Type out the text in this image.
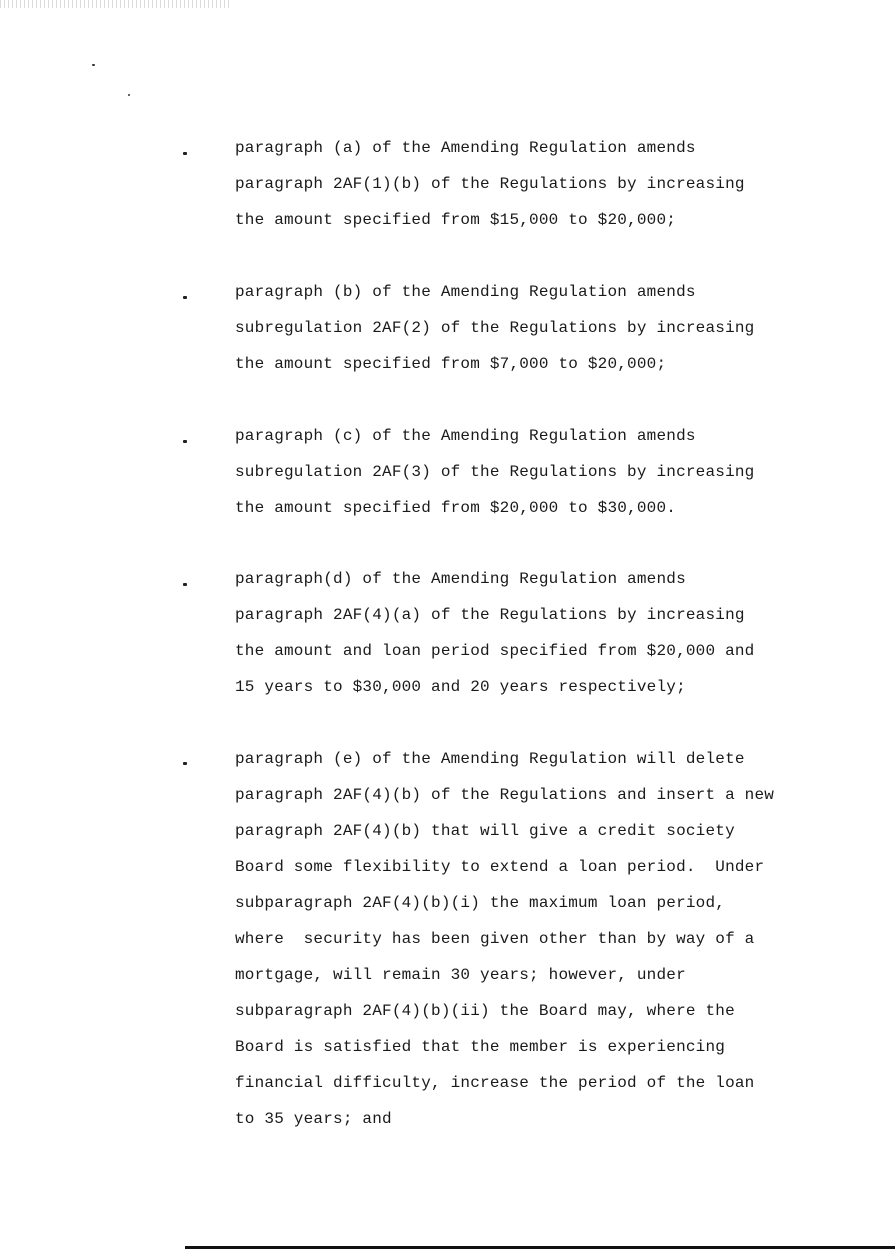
paragraph (a) of the Amending Regulation amends
paragraph 2AF(1)(b) of the Regulations by increasing
the amount specified from $15,000 to $20,000;
paragraph (b) of the Amending Regulation amends
subregulation 2AF(2) of the Regulations by increasing
the amount specified from $7,000 to $20,000;
paragraph (c) of the Amending Regulation amends
subregulation 2AF(3) of the Regulations by increasing
the amount specified from $20,000 to $30,000.
paragraph(d) of the Amending Regulation amends
paragraph 2AF(4)(a) of the Regulations by increasing
the amount and loan period specified from $20,000 and
15 years to $30,000 and 20 years respectively;
paragraph (e) of the Amending Regulation will delete
paragraph 2AF(4)(b) of the Regulations and insert a new
paragraph 2AF(4)(b) that will give a credit society
Board some flexibility to extend a loan period.  Under
subparagraph 2AF(4)(b)(i) the maximum loan period,
where  security has been given other than by way of a
mortgage, will remain 30 years; however, under
subparagraph 2AF(4)(b)(ii) the Board may, where the
Board is satisfied that the member is experiencing
financial difficulty, increase the period of the loan
to 35 years; and
